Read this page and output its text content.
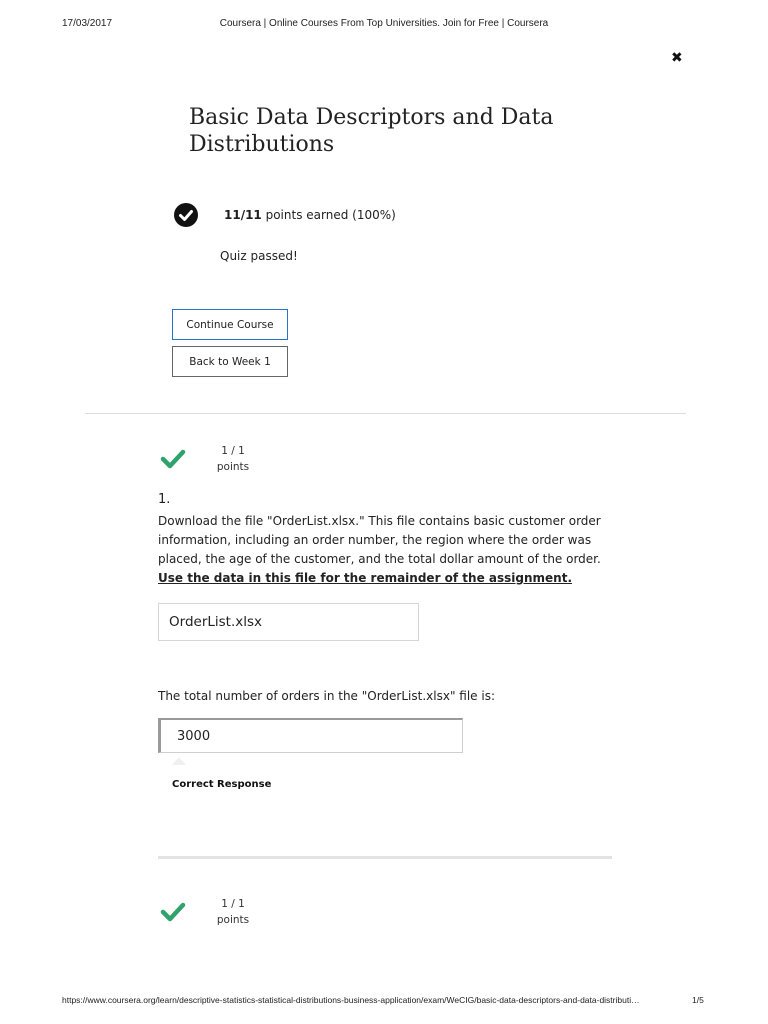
17/03/2017	Coursera | Online Courses From Top Universities. Join for Free | Coursera
✖
Basic Data Descriptors and Data Distributions
11/11 points earned (100%)
Quiz passed!
Continue Course
Back to Week 1
1 / 1
points
1.
Download the file "OrderList.xlsx." This file contains basic customer order information, including an order number, the region where the order was placed, the age of the customer, and the total dollar amount of the order. Use the data in this file for the remainder of the assignment.
OrderList.xlsx
The total number of orders in the "OrderList.xlsx" file is:
3000
Correct Response
1 / 1
points
https://www.coursera.org/learn/descriptive-statistics-statistical-distributions-business-application/exam/WeCIG/basic-data-descriptors-and-data-distributi…	1/5
